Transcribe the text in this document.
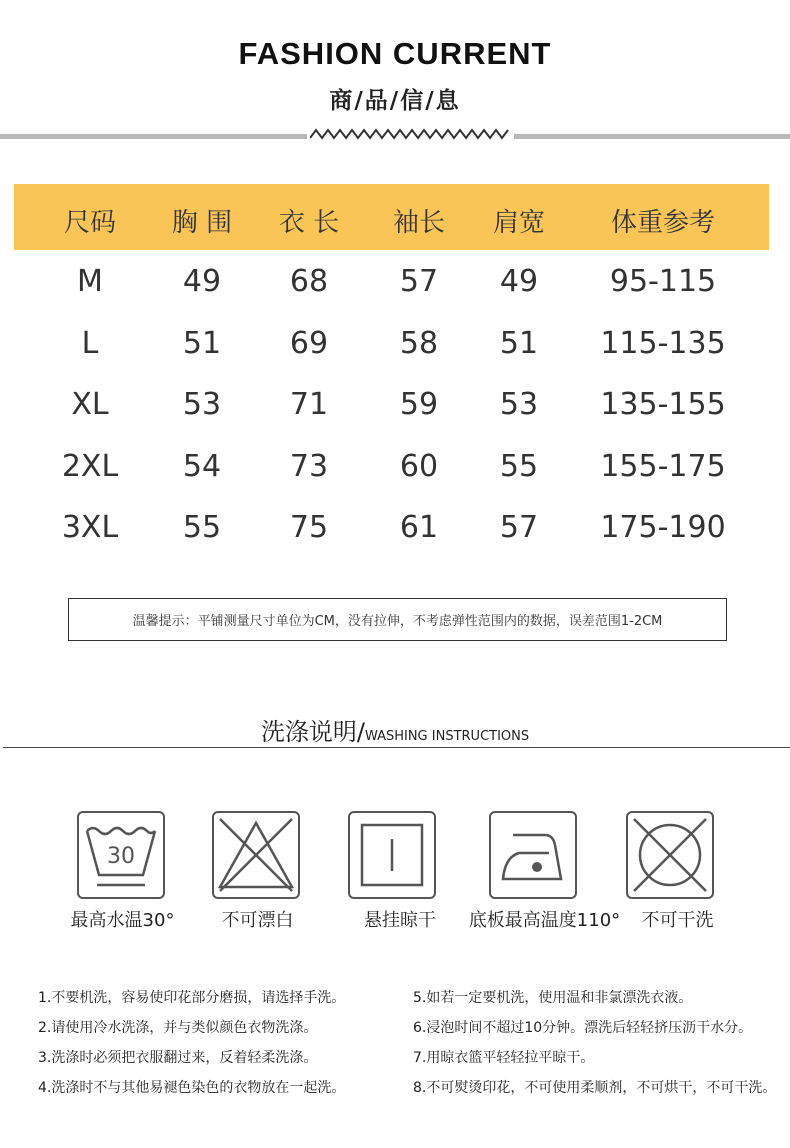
FASHION CURRENT
商/品/信/息
尺码	胸 围	衣 长	袖长	肩宽	体重参考
M	49	68	57	49	95-115
L	51	69	58	51	115-135
XL	53	71	59	53	135-155
2XL	54	73	60	55	155-175
3XL	55	75	61	57	175-190
温馨提示：平铺测量尺寸单位为CM，没有拉伸，不考虑弹性范围内的数据，误差范围1-2CM
洗涤说明/WASHING INSTRUCTIONS
30
最高水温30°	不可漂白	悬挂晾干	底板最高温度110°	不可干洗
1.不要机洗，容易使印花部分磨损，请选择手洗。
2.请使用冷水洗涤，并与类似颜色衣物洗涤。
3.洗涤时必须把衣服翻过来，反着轻柔洗涤。
4.洗涤时不与其他易褪色染色的衣物放在一起洗。
5.如若一定要机洗，使用温和非氯漂洗衣液。
6.浸泡时间不超过10分钟。漂洗后轻轻挤压沥干水分。
7.用晾衣篮平轻轻拉平晾干。
8.不可熨烫印花，不可使用柔顺剂，不可烘干，不可干洗。
